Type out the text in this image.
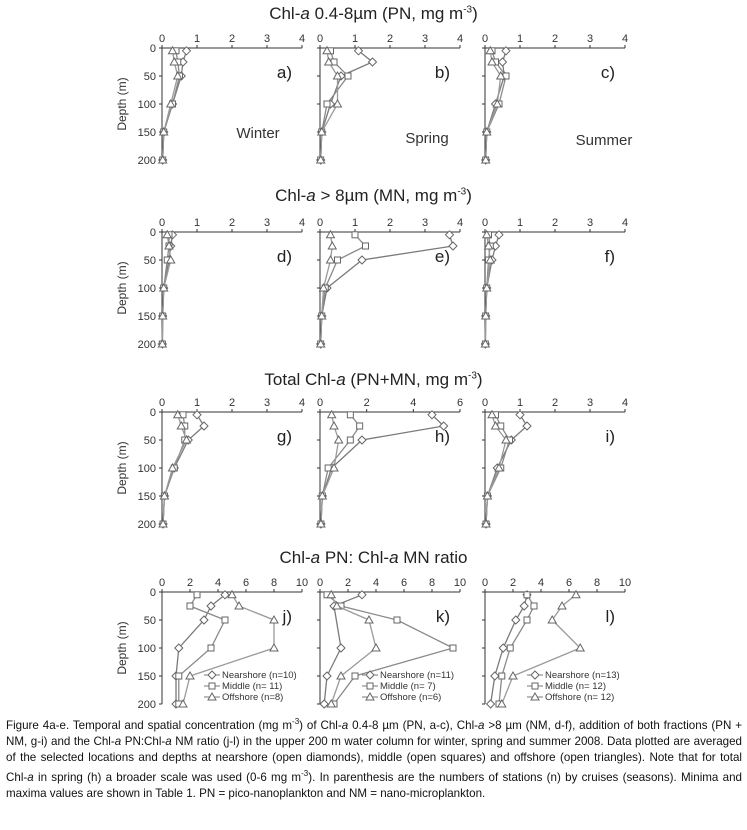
Chl-a 0.4-8µm (PN, mg $m^{-3}$)
Chl-a > 8µm (MN, mg $m^{-3}$)
Total Chl-a (PN+MN, mg $m^{-3}$)
Chl-a PN: Chl-a MN ratio
0	1	2	3	4
0
50
100
150
200
Depth (m)
a)
Winter
0	1	2	3	4
b)
Spring
0	1	2	3	4
c)
Summer
0	1	2	3	4
0
50
100
150
200
Depth (m)
d)
0	1	2	3	4
e)
0	1	2	3	4
f)
0	1	2	3	4
0
50
100
150
200
Depth (m)
g)
0	2	4	6
h)
0	1	2	3	4
i)
0 2 4 6 8 10
0
50
100
150
200
Depth (m)
j)
Nearshore (n=10)
Middle (n= 11)
Offshore (n=8)
0 2 4 6 8 10
k)
Nearshore (n=11)
Middle (n= 7)
Offshore (n=6)
0 2 4 6 8 10
l)
Nearshore (n=13)
Middle (n= 12)
Offshore (n= 12)
Figure 4a-e. Temporal and spatial concentration (mg $m^{-3}$) of Chl-a 0.4-8 µm (PN, a-c), Chl-a >8 µm (NM, d-f), addition of both fractions (PN + NM, g-i) and the Chl-a PN:Chl-a NM ratio (j-l) in the upper 200 m water column for winter, spring and summer 2008. Data plotted are averaged of the selected locations and depths at nearshore (open diamonds), middle (open squares) and offshore (open triangles). Note that for total Chl-a in spring (h) a broader scale was used (0-6 mg $m^{-3}$). In parenthesis are the numbers of stations (n) by cruises (seasons). Minima and maxima values are shown in Table 1. PN = pico-nanoplankton and NM = nano-microplankton.
